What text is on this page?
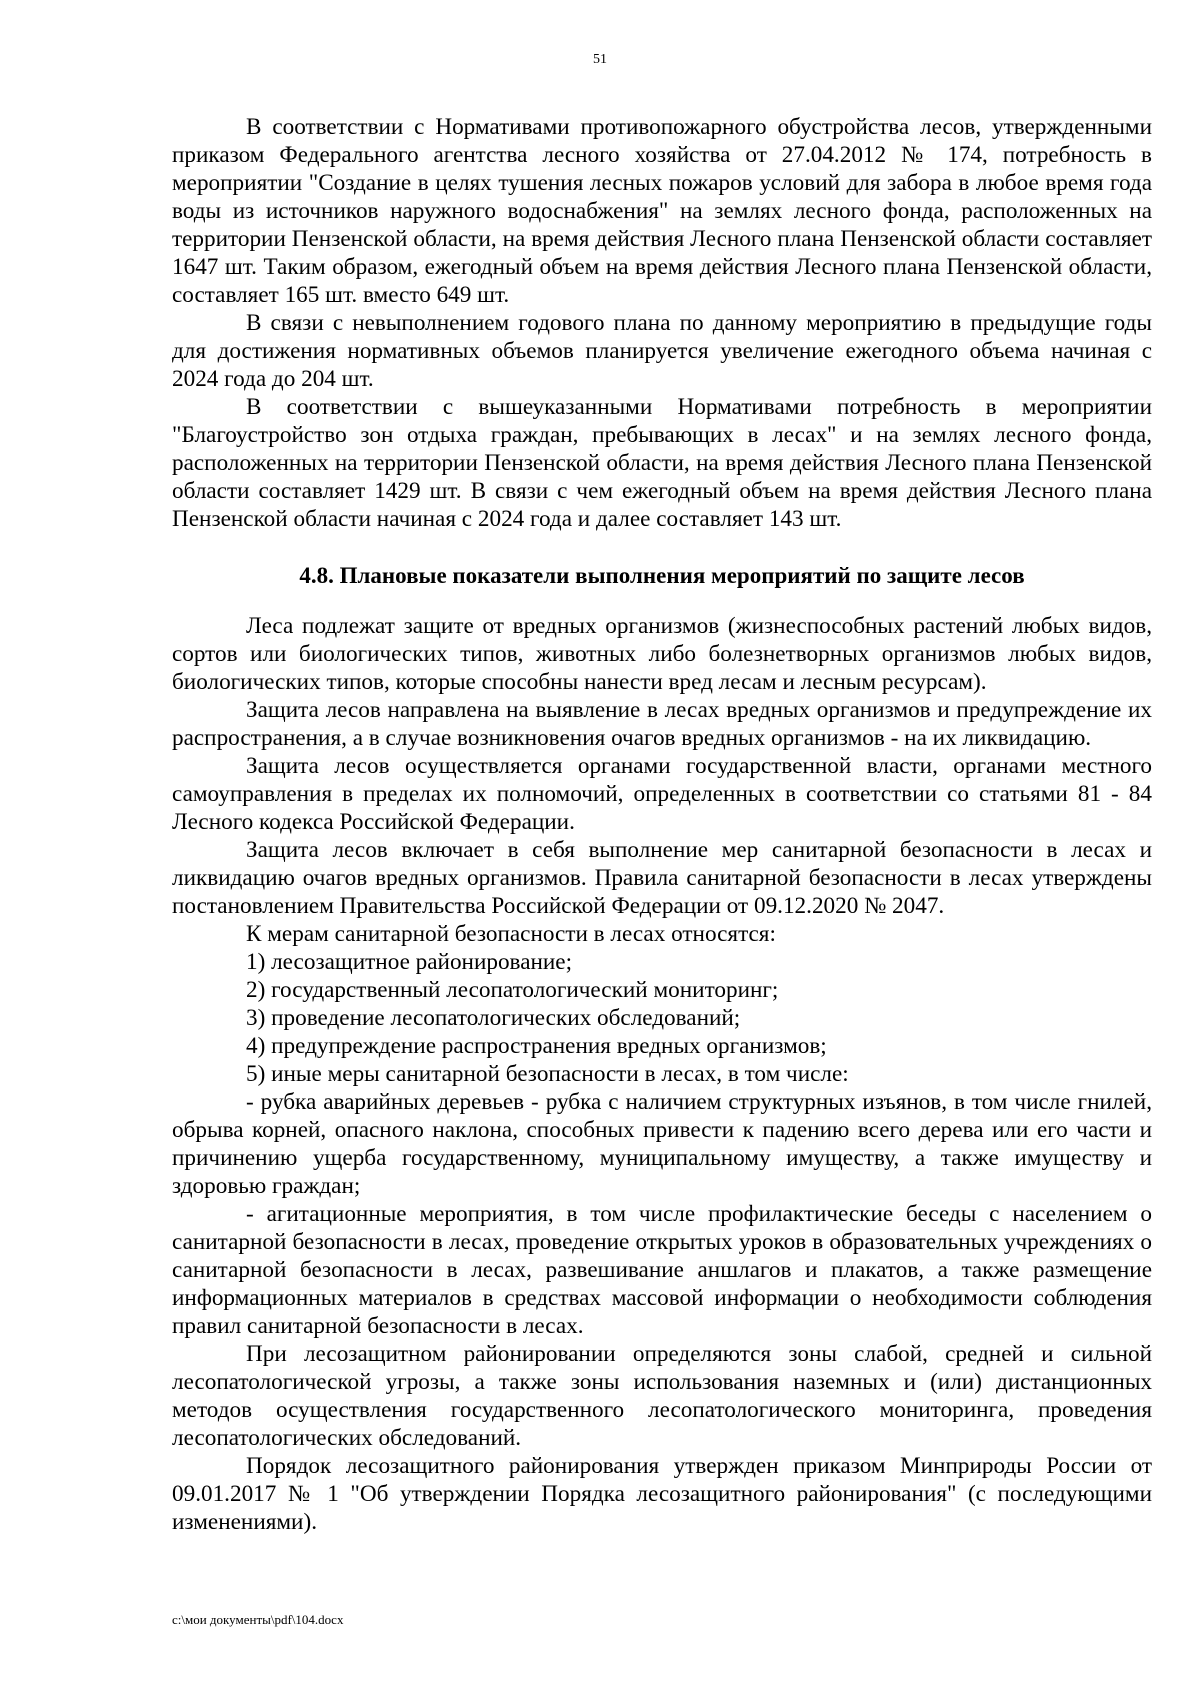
51

В соответствии с Нормативами противопожарного обустройства лесов, утвержденными приказом Федерального агентства лесного хозяйства от 27.04.2012 № 174, потребность в мероприятии "Создание в целях тушения лесных пожаров условий для забора в любое время года воды из источников наружного водоснабжения" на землях лесного фонда, расположенных на территории Пензенской области, на время действия Лесного плана Пензенской области составляет 1647 шт. Таким образом, ежегодный объем на время действия Лесного плана Пензенской области, составляет 165 шт. вместо 649 шт.

В связи с невыполнением годового плана по данному мероприятию в предыдущие годы для достижения нормативных объемов планируется увеличение ежегодного объема начиная с 2024 года до 204 шт.

В соответствии с вышеуказанными Нормативами потребность в мероприятии "Благоустройство зон отдыха граждан, пребывающих в лесах" и на землях лесного фонда, расположенных на территории Пензенской области, на время действия Лесного плана Пензенской области составляет 1429 шт. В связи с чем ежегодный объем на время действия Лесного плана Пензенской области начиная с 2024 года и далее составляет 143 шт.

4.8. Плановые показатели выполнения мероприятий по защите лесов

Леса подлежат защите от вредных организмов (жизнеспособных растений любых видов, сортов или биологических типов, животных либо болезнетворных организмов любых видов, биологических типов, которые способны нанести вред лесам и лесным ресурсам).

Защита лесов направлена на выявление в лесах вредных организмов и предупреждение их распространения, а в случае возникновения очагов вредных организмов - на их ликвидацию.

Защита лесов осуществляется органами государственной власти, органами местного самоуправления в пределах их полномочий, определенных в соответствии со статьями 81 - 84 Лесного кодекса Российской Федерации.

Защита лесов включает в себя выполнение мер санитарной безопасности в лесах и ликвидацию очагов вредных организмов. Правила санитарной безопасности в лесах утверждены постановлением Правительства Российской Федерации от 09.12.2020 № 2047.

К мерам санитарной безопасности в лесах относятся:

1) лесозащитное районирование;

2) государственный лесопатологический мониторинг;

3) проведение лесопатологических обследований;

4) предупреждение распространения вредных организмов;

5) иные меры санитарной безопасности в лесах, в том числе:

- рубка аварийных деревьев - рубка с наличием структурных изъянов, в том числе гнилей, обрыва корней, опасного наклона, способных привести к падению всего дерева или его части и причинению ущерба государственному, муниципальному имуществу, а также имуществу и здоровью граждан;

- агитационные мероприятия, в том числе профилактические беседы с населением о санитарной безопасности в лесах, проведение открытых уроков в образовательных учреждениях о санитарной безопасности в лесах, развешивание аншлагов и плакатов, а также размещение информационных материалов в средствах массовой информации о необходимости соблюдения правил санитарной безопасности в лесах.

При лесозащитном районировании определяются зоны слабой, средней и сильной лесопатологической угрозы, а также зоны использования наземных и (или) дистанционных методов осуществления государственного лесопатологического мониторинга, проведения лесопатологических обследований.

Порядок лесозащитного районирования утвержден приказом Минприроды России от 09.01.2017 № 1 "Об утверждении Порядка лесозащитного районирования" (с последующими изменениями).

c:\мои документы\pdf\104.docx
